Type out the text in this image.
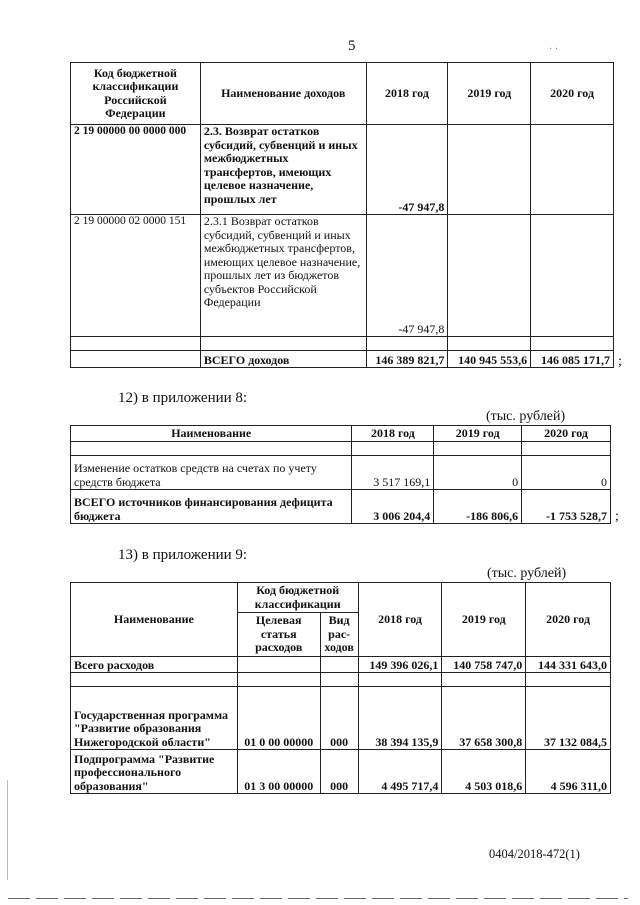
5	· ·
Код бюджетной классификации Российской Федерации	Наименование доходов	2018 год	2019 год	2020 год
2 19 00000 00 0000 000	2.3. Возврат остатков субсидий, субвенций и иных межбюджетных трансфертов, имеющих целевое назначение, прошлых лет	-47 947,8		
2 19 00000 02 0000 151	2.3.1 Возврат остатков субсидий, субвенций и иных межбюджетных трансфертов, имеющих целевое назначение, прошлых лет из бюджетов субъектов Российской Федерации	-47 947,8		

	ВСЕГО доходов	146 389 821,7	140 945 553,6	146 085 171,7 ;
12) в приложении 8:
(тыс. рублей)
Наименование	2018 год	2019 год	2020 год

Изменение остатков средств на счетах по учету средств бюджета	3 517 169,1	0	0
ВСЕГО источников финансирования дефицита бюджета	3 006 204,4	-186 806,6	-1 753 528,7 ;
13) в приложении 9:
(тыс. рублей)
Наименование	Код бюджетной классификации		2018 год	2019 год	2020 год
	Целевая статья расходов	Вид рас-ходов			
Всего расходов			149 396 026,1	140 758 747,0	144 331 643,0

Государственная программа "Развитие образования Нижегородской области"	01 0 00 00000	000	38 394 135,9	37 658 300,8	37 132 084,5
Подпрограмма "Развитие профессионального образования"	01 3 00 00000	000	4 495 717,4	4 503 018,6	4 596 311,0
0404/2018-472(1)
